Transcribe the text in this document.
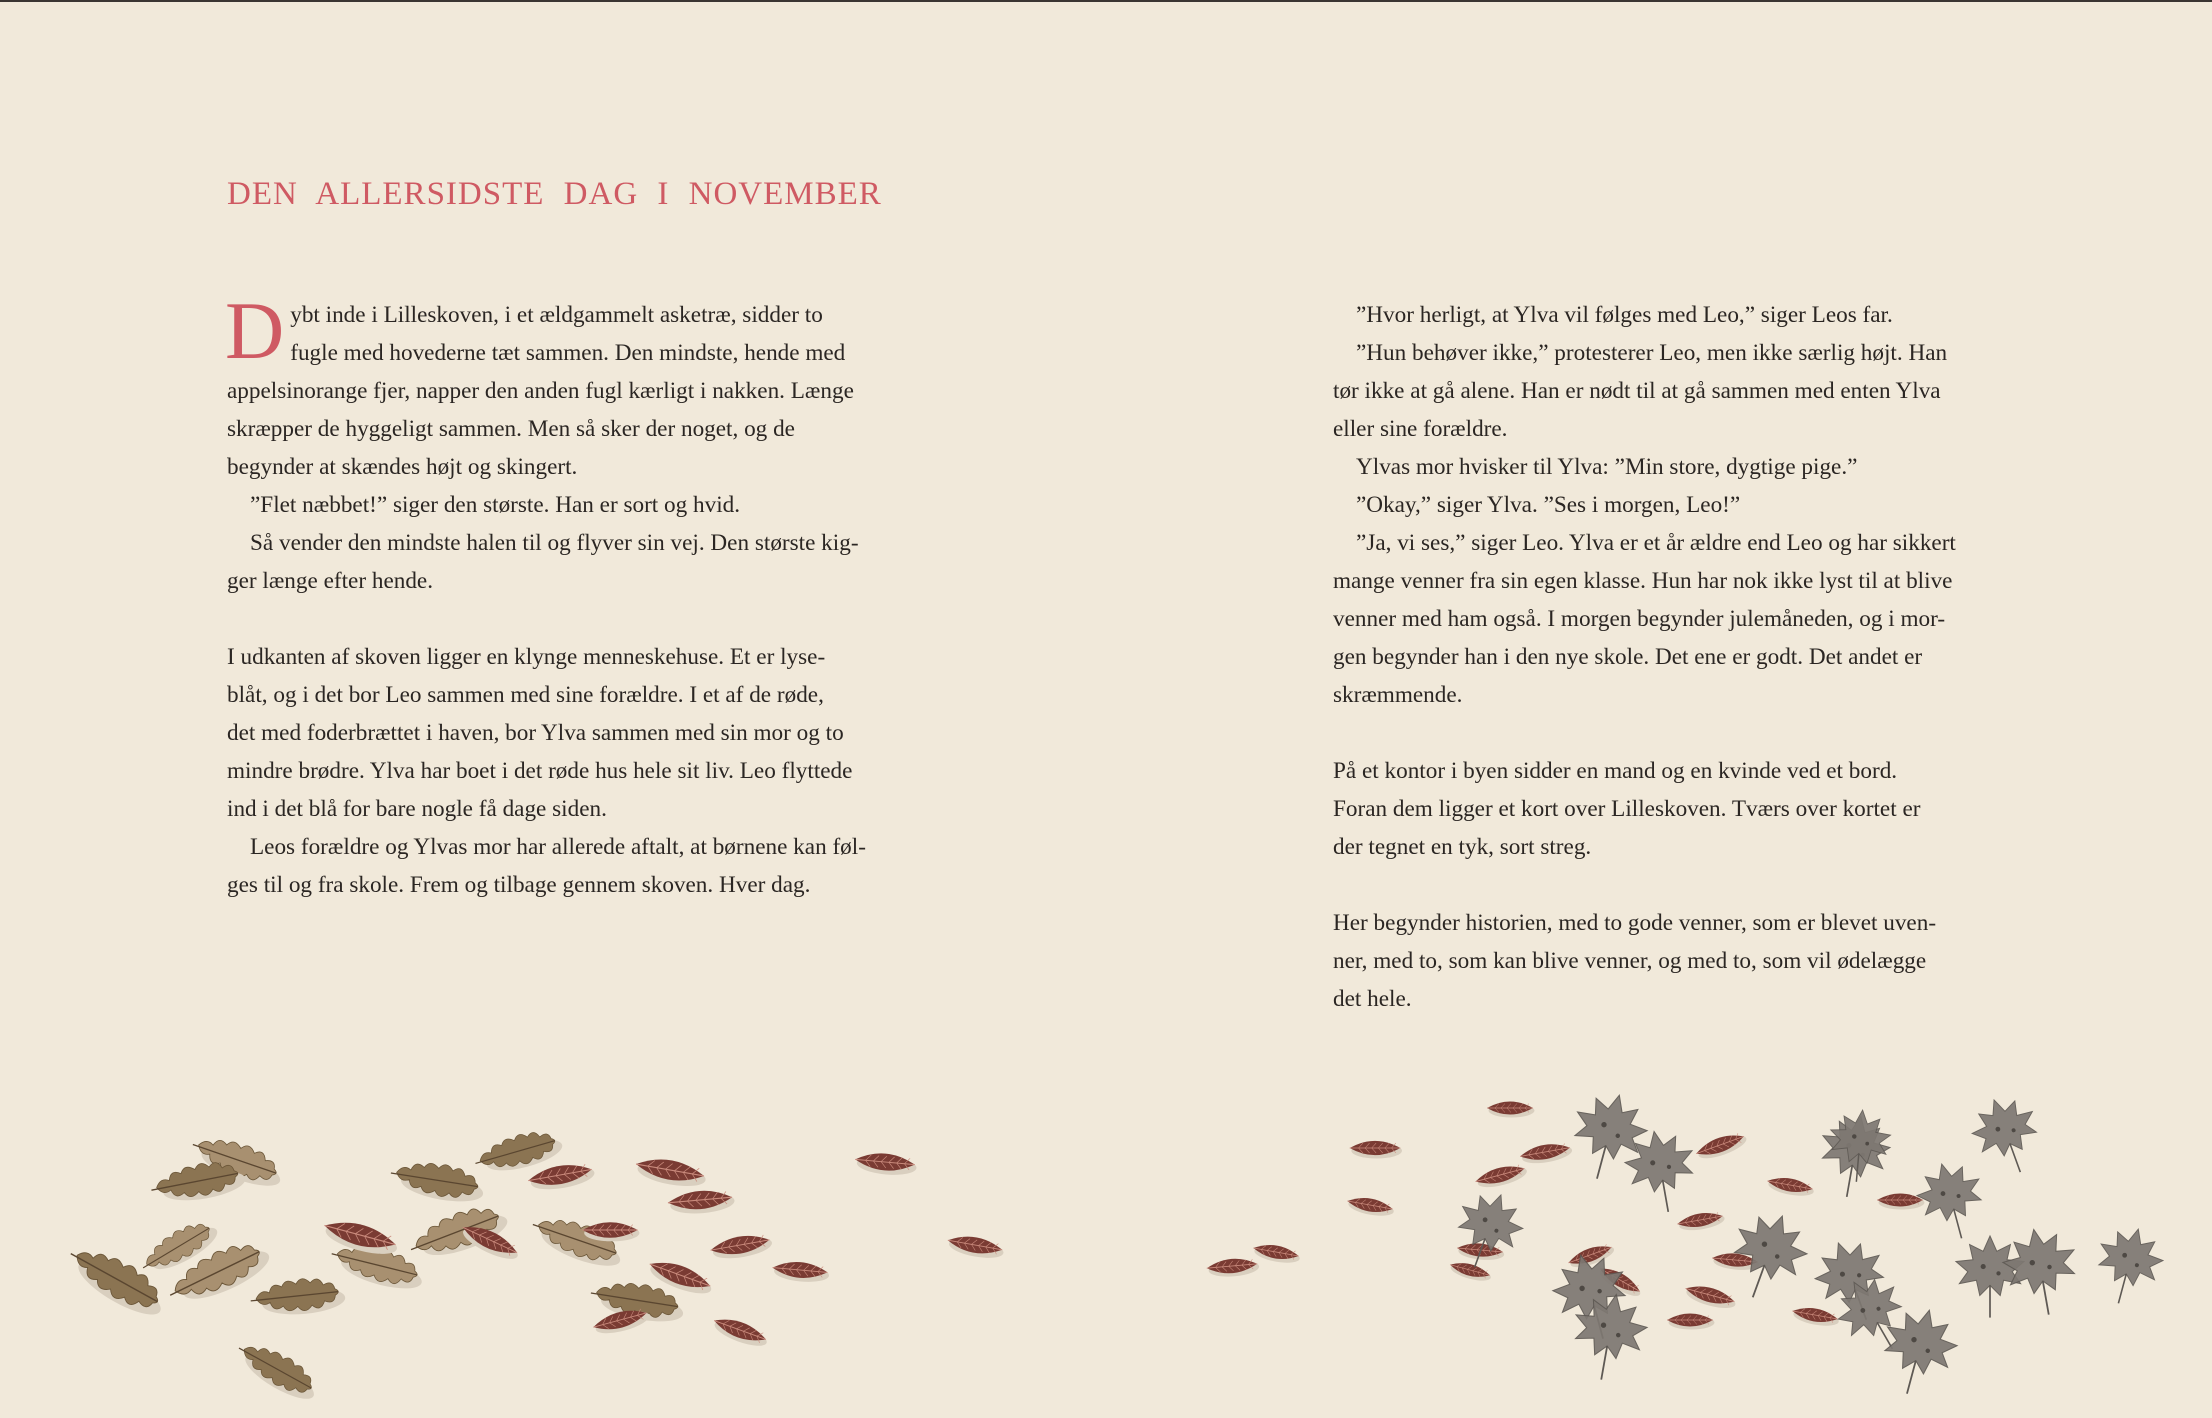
DEN ALLERSIDSTE DAG I NOVEMBER

D ybt inde i Lilleskoven, i et ældgammelt asketræ, sidder to
fugle med hovederne tæt sammen. Den mindste, hende med
appelsinorange fjer, napper den anden fugl kærligt i nakken. Længe
skræpper de hyggeligt sammen. Men så sker der noget, og de
begynder at skændes højt og skingert.

”Flet næbbet!” siger den største. Han er sort og hvid.

Så vender den mindste halen til og flyver sin vej. Den største kig-
ger længe efter hende.

I udkanten af skoven ligger en klynge menneskehuse. Et er lyse-
blåt, og i det bor Leo sammen med sine forældre. I et af de røde,
det med foderbrættet i haven, bor Ylva sammen med sin mor og to
mindre brødre. Ylva har boet i det røde hus hele sit liv. Leo flyttede
ind i det blå for bare nogle få dage siden.

Leos forældre og Ylvas mor har allerede aftalt, at børnene kan føl-
ges til og fra skole. Frem og tilbage gennem skoven. Hver dag.

”Hvor herligt, at Ylva vil følges med Leo,” siger Leos far.

”Hun behøver ikke,” protesterer Leo, men ikke særlig højt. Han
tør ikke at gå alene. Han er nødt til at gå sammen med enten Ylva
eller sine forældre.

Ylvas mor hvisker til Ylva: ”Min store, dygtige pige.”

”Okay,” siger Ylva. ”Ses i morgen, Leo!”

”Ja, vi ses,” siger Leo. Ylva er et år ældre end Leo og har sikkert
mange venner fra sin egen klasse. Hun har nok ikke lyst til at blive
venner med ham også. I morgen begynder julemåneden, og i mor-
gen begynder han i den nye skole. Det ene er godt. Det andet er
skræmmende.

På et kontor i byen sidder en mand og en kvinde ved et bord.
Foran dem ligger et kort over Lilleskoven. Tværs over kortet er
der tegnet en tyk, sort streg.

Her begynder historien, med to gode venner, som er blevet uven-
ner, med to, som kan blive venner, og med to, som vil ødelægge
det hele.
